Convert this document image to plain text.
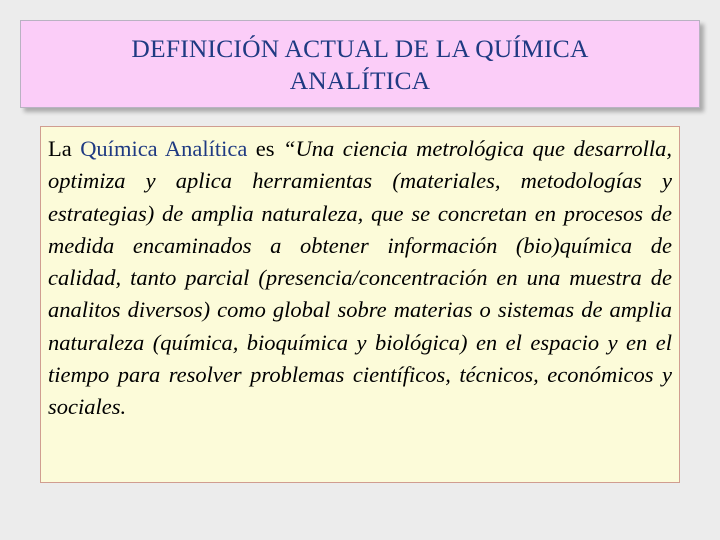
DEFINICIÓN ACTUAL DE LA QUÍMICA
ANALÍTICA

La Química Analítica es “Una ciencia metrológica que desarrolla, optimiza y aplica herramientas (materiales, metodologías y estrategias) de amplia naturaleza, que se concretan en procesos de medida encaminados a obtener información (bio)química de calidad, tanto parcial (presencia/concentración en una muestra de analitos diversos) como global sobre materias o sistemas de amplia naturaleza (química, bioquímica y biológica) en el espacio y en el tiempo para resolver problemas científicos, técnicos, económicos y sociales.
